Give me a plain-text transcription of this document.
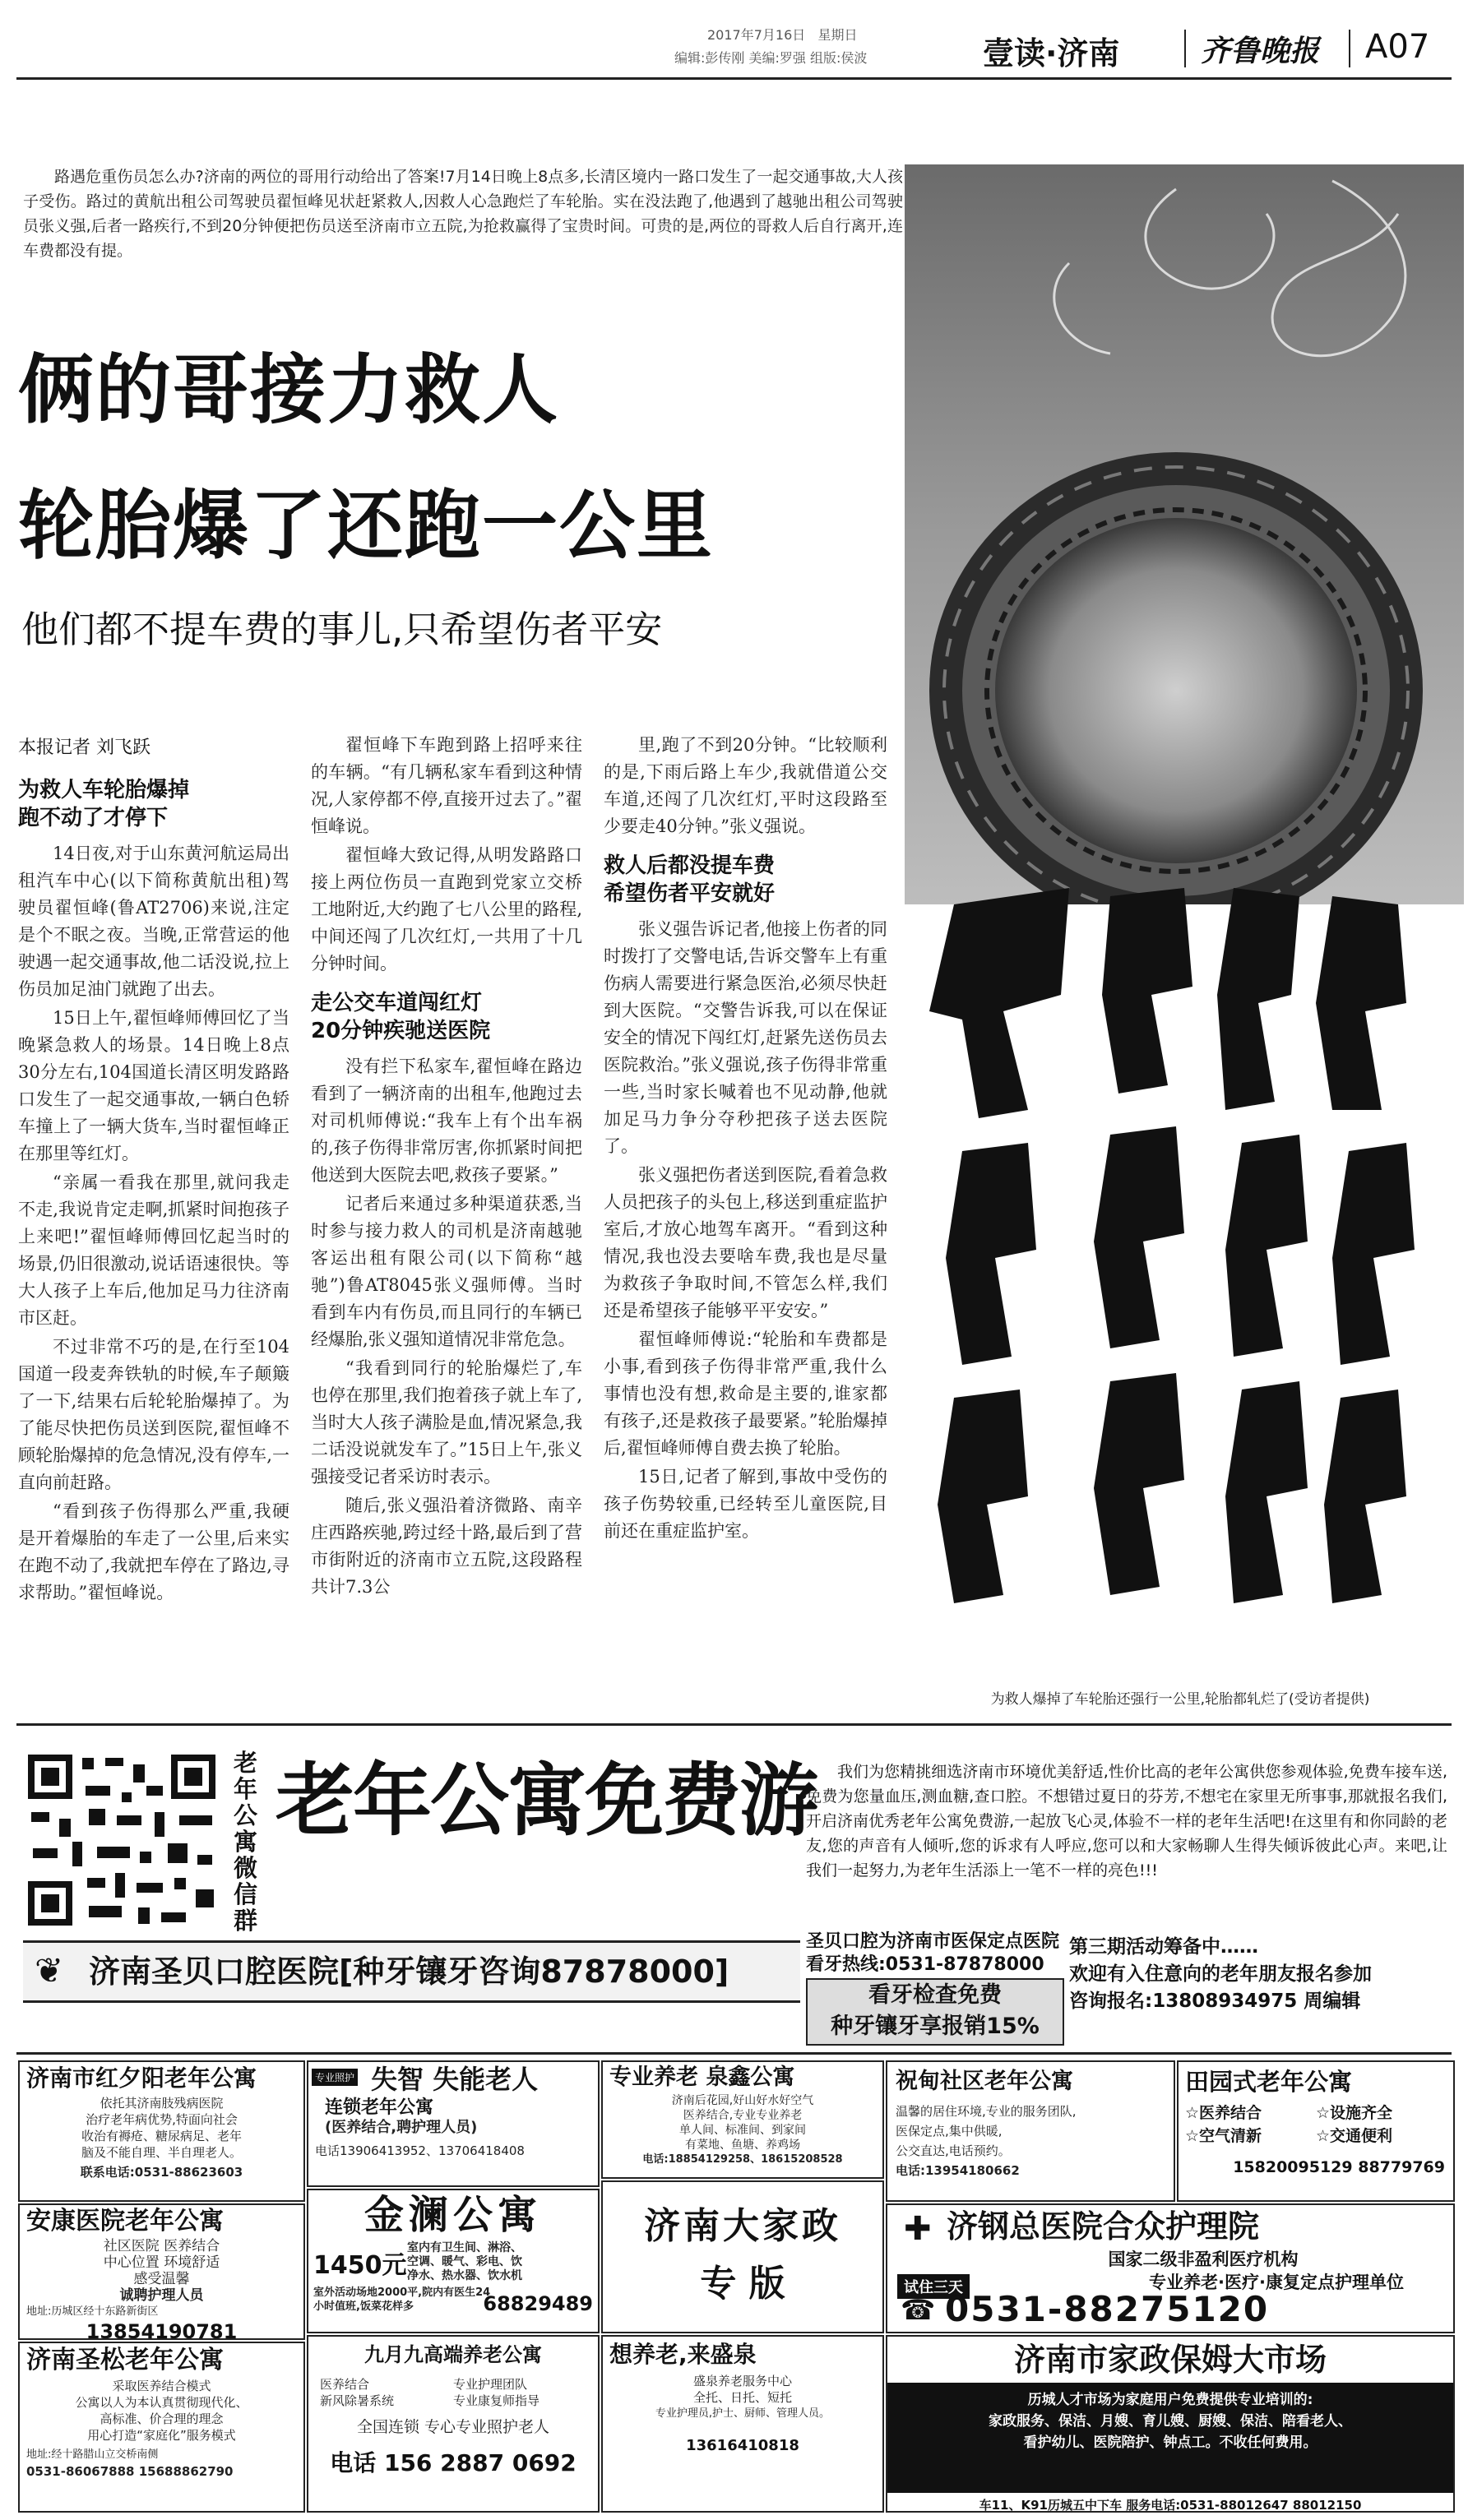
2017年7月16日 星期日
编辑:彭传刚 美编:罗强 组版:侯波	壹读·济南	齐鲁晚报 A07
路遇危重伤员怎么办?济南的两位的哥用行动给出了答案!7月14日晚上8点多,长清区境内一路口发生了一起交通事故,大人孩子受伤。路过的黄航出租公司驾驶员翟恒峰见状赶紧救人,因救人心急跑烂了车轮胎。实在没法跑了,他遇到了越驰出租公司驾驶员张义强,后者一路疾行,不到20分钟便把伤员送至济南市立五院,为抢救赢得了宝贵时间。可贵的是,两位的哥救人后自行离开,连车费都没有提。
为救人爆掉了车轮胎还强行一公里,轮胎都轧烂了(受访者提供)
俩的哥接力救人
轮胎爆了还跑一公里
他们都不提车费的事儿,只希望伤者平安
本报记者 刘飞跃
为救人车轮胎爆掉
跑不动了才停下

14日夜,对于山东黄河航运局出租汽车中心(以下简称黄航出租)驾驶员翟恒峰(鲁AT2706)来说,注定是个不眠之夜。当晚,正常营运的他驶遇一起交通事故,他二话没说,拉上伤员加足油门就跑了出去。

15日上午,翟恒峰师傅回忆了当晚紧急救人的场景。14日晚上8点30分左右,104国道长清区明发路路口发生了一起交通事故,一辆白色轿车撞上了一辆大货车,当时翟恒峰正在那里等红灯。

“亲属一看我在那里,就问我走不走,我说肯定走啊,抓紧时间抱孩子上来吧!”翟恒峰师傅回忆起当时的场景,仍旧很激动,说话语速很快。等大人孩子上车后,他加足马力往济南市区赶。

不过非常不巧的是,在行至104国道一段麦奔铁轨的时候,车子颠簸了一下,结果右后轮轮胎爆掉了。为了能尽快把伤员送到医院,翟恒峰不顾轮胎爆掉的危急情况,没有停车,一直向前赶路。

“看到孩子伤得那么严重,我硬是开着爆胎的车走了一公里,后来实在跑不动了,我就把车停在了路边,寻求帮助。”翟恒峰说。

翟恒峰下车跑到路上招呼来往的车辆。“有几辆私家车看到这种情况,人家停都不停,直接开过去了。”翟恒峰说。

翟恒峰大致记得,从明发路路口接上两位伤员一直跑到党家立交桥工地附近,大约跑了七八公里的路程,中间还闯了几次红灯,一共用了十几分钟时间。

走公交车道闯红灯
20分钟疾驰送医院

没有拦下私家车,翟恒峰在路边看到了一辆济南的出租车,他跑过去对司机师傅说:“我车上有个出车祸的,孩子伤得非常厉害,你抓紧时间把他送到大医院去吧,救孩子要紧。”

记者后来通过多种渠道获悉,当时参与接力救人的司机是济南越驰客运出租有限公司(以下简称“越驰”)鲁AT8045张义强师傅。当时看到车内有伤员,而且同行的车辆已经爆胎,张义强知道情况非常危急。

“我看到同行的轮胎爆烂了,车也停在那里,我们抱着孩子就上车了,当时大人孩子满脸是血,情况紧急,我二话没说就发车了。”15日上午,张义强接受记者采访时表示。

随后,张义强沿着济微路、南辛庄西路疾驰,跨过经十路,最后到了营市街附近的济南市立五院,这段路程共计7.3公

里,跑了不到20分钟。“比较顺利的是,下雨后路上车少,我就借道公交车道,还闯了几次红灯,平时这段路至少要走40分钟。”张义强说。

救人后都没提车费
希望伤者平安就好

张义强告诉记者,他接上伤者的同时拨打了交警电话,告诉交警车上有重伤病人需要进行紧急医治,必须尽快赶到大医院。“交警告诉我,可以在保证安全的情况下闯红灯,赶紧先送伤员去医院救治。”张义强说,孩子伤得非常重一些,当时家长喊着也不见动静,他就加足马力争分夺秒把孩子送去医院了。

张义强把伤者送到医院,看着急救人员把孩子的头包上,移送到重症监护室后,才放心地驾车离开。“看到这种情况,我也没去要啥车费,我也是尽量为救孩子争取时间,不管怎么样,我们还是希望孩子能够平平安安。”

翟恒峰师傅说:“轮胎和车费都是小事,看到孩子伤得非常严重,我什么事情也没有想,救命是主要的,谁家都有孩子,还是救孩子最要紧。”轮胎爆掉后,翟恒峰师傅自费去换了轮胎。

15日,记者了解到,事故中受伤的孩子伤势较重,已经转至儿童医院,目前还在重症监护室。

老年公寓微信群
老年公寓免费游
❦ 济南圣贝口腔医院[种牙镶牙咨询87878000]
我们为您精挑细选济南市环境优美舒适,性价比高的老年公寓供您参观体验,免费车接车送,免费为您量血压,测血糖,查口腔。不想错过夏日的芬芳,不想宅在家里无所事事,那就报名我们,开启济南优秀老年公寓免费游,一起放飞心灵,体验不一样的老年生活吧!在这里有和你同龄的老友,您的声音有人倾听,您的诉求有人呼应,您可以和大家畅聊人生得失倾诉彼此心声。来吧,让我们一起努力,为老年生活添上一笔不一样的亮色!!!
圣贝口腔为济南市医保定点医院 看牙热线:0531-87878000
看牙检查免费
种牙镶牙享报销15%
第三期活动筹备中……
欢迎有入住意向的老年朋友报名参加
咨询报名:13808934975 周编辑
济南市红夕阳老年公寓
依托其济南肢残病医院
治疗老年病优势,特面向社会
收治有褥疮、糖尿病足、老年
脑及不能自理、半自理老人。
联系电话:0531-88623603
安康医院老年公寓
社区医院 医养结合
中心位置 环境舒适
感受温馨
诚聘护理人员
地址:历城区经十东路新街区
13854190781
济南圣松老年公寓
采取医养结合模式
公寓以人为本认真贯彻现代化、
高标准、价合理的理念
用心打造“家庭化”服务模式
地址:经十路腊山立交桥南侧
0531-86067888 15688862790
专业照护 失智 失能老人
连锁老年公寓
(医养结合,聘护理人员)
电话13906413952、13706418408
金澜公寓
1450元
室内有卫生间、淋浴、
空调、暖气、彩电、饮
净水、热水器、饮水机
室外活动场地2000平,院内有医生24
小时值班,饭菜花样多	68829489
九月九高端养老公寓
医养结合	专业护理团队
新风除暑系统	专业康复师指导
全国连锁 专心专业照护老人
电话 156 2887 0692
专业养老 泉鑫公寓
济南后花园,好山好水好空气
医养结合,专业专业养老
单人间、标准间、到家间
有菜地、鱼塘、养鸡场
电话:18854129258、18615208528
济南大家政
专 版
想养老,来盛泉
盛泉养老服务中心
全托、日托、短托
专业护理员,护士、厨师、管理人员。
13616410818
祝甸社区老年公寓
温馨的居住环境,专业的服务团队,
医保定点,集中供暖,
公交直达,电话预约。
电话:13954180662
田园式老年公寓
☆医养结合	☆设施齐全
☆空气清新	☆交通便利
15820095129 88779769
✚ 济钢总医院合众护理院
国家二级非盈利医疗机构
专业养老·医疗·康复定点护理单位
试住三天
☎ 0531-88275120
济南市家政保姆大市场
历城人才市场为家庭用户免费提供专业培训的:
家政服务、保洁、月嫂、育儿嫂、厨嫂、保洁、陪看老人、
看护幼儿、医院陪护、钟点工。不收任何费用。
车11、K91历城五中下车 服务电话:0531-88012647 88012150
